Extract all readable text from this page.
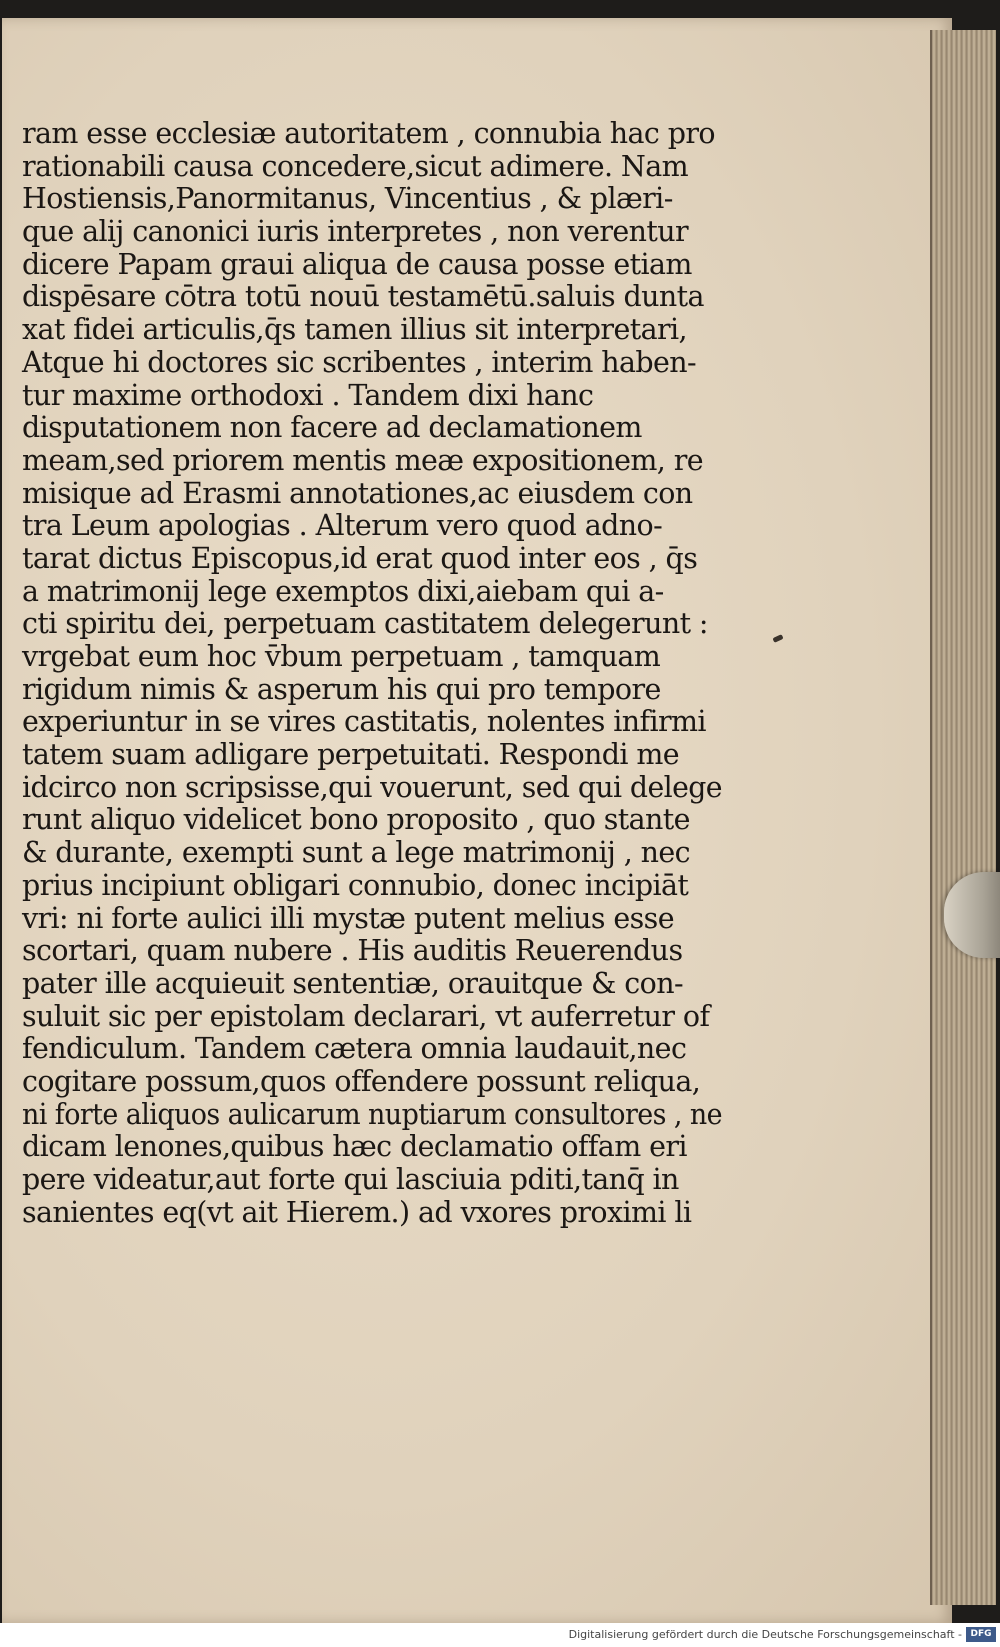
ram esse ecclesiæ autoritatem , connubia hac pro
rationabili causa concedere,sicut adimere. Nam
Hostiensis,Panormitanus, Vincentius , & plæri-
que alij canonici iuris interpretes , non verentur
dicere Papam graui aliqua de causa posse etiam
dispēsare cōtra totū nouū testamētū.saluis dunta
xat fidei articulis,q̄s tamen illius sit interpretari,
Atque hi doctores sic scribentes , interim haben-
tur maxime orthodoxi . Tandem dixi hanc
disputationem non facere ad declamationem
meam,sed priorem mentis meæ expositionem, re
misique ad Erasmi annotationes,ac eiusdem con
tra Leum apologias . Alterum vero quod adno-
tarat dictus Episcopus,id erat quod inter eos , q̄s
a matrimonij lege exemptos dixi,aiebam qui a-
cti spiritu dei, perpetuam castitatem delegerunt :
vrgebat eum hoc v̄bum perpetuam , tamquam
rigidum nimis & asperum his qui pro tempore
experiuntur in se vires castitatis, nolentes infirmi
tatem suam adligare perpetuitati. Respondi me
idcirco non scripsisse,qui vouerunt, sed qui delege
runt aliquo videlicet bono proposito , quo stante
& durante, exempti sunt a lege matrimonij , nec
prius incipiunt obligari connubio, donec incipiāt
vri: ni forte aulici illi mystæ putent melius esse
scortari, quam nubere . His auditis Reuerendus
pater ille acquieuit sententiæ, orauitque & con-
suluit sic per epistolam declarari, vt auferretur of
fendiculum. Tandem cætera omnia laudauit,nec
cogitare possum,quos offendere possunt reliqua,
ni forte aliquos aulicarum nuptiarum consultores , ne
dicam lenones,quibus hæc declamatio offam eri
pere videatur,aut forte qui lasciuia pditi,tanq̄ in
sanientes eq(vt ait Hierem.) ad vxores proximi li
Digitalisierung gefördert durch die Deutsche Forschungsgemeinschaft - DFG
